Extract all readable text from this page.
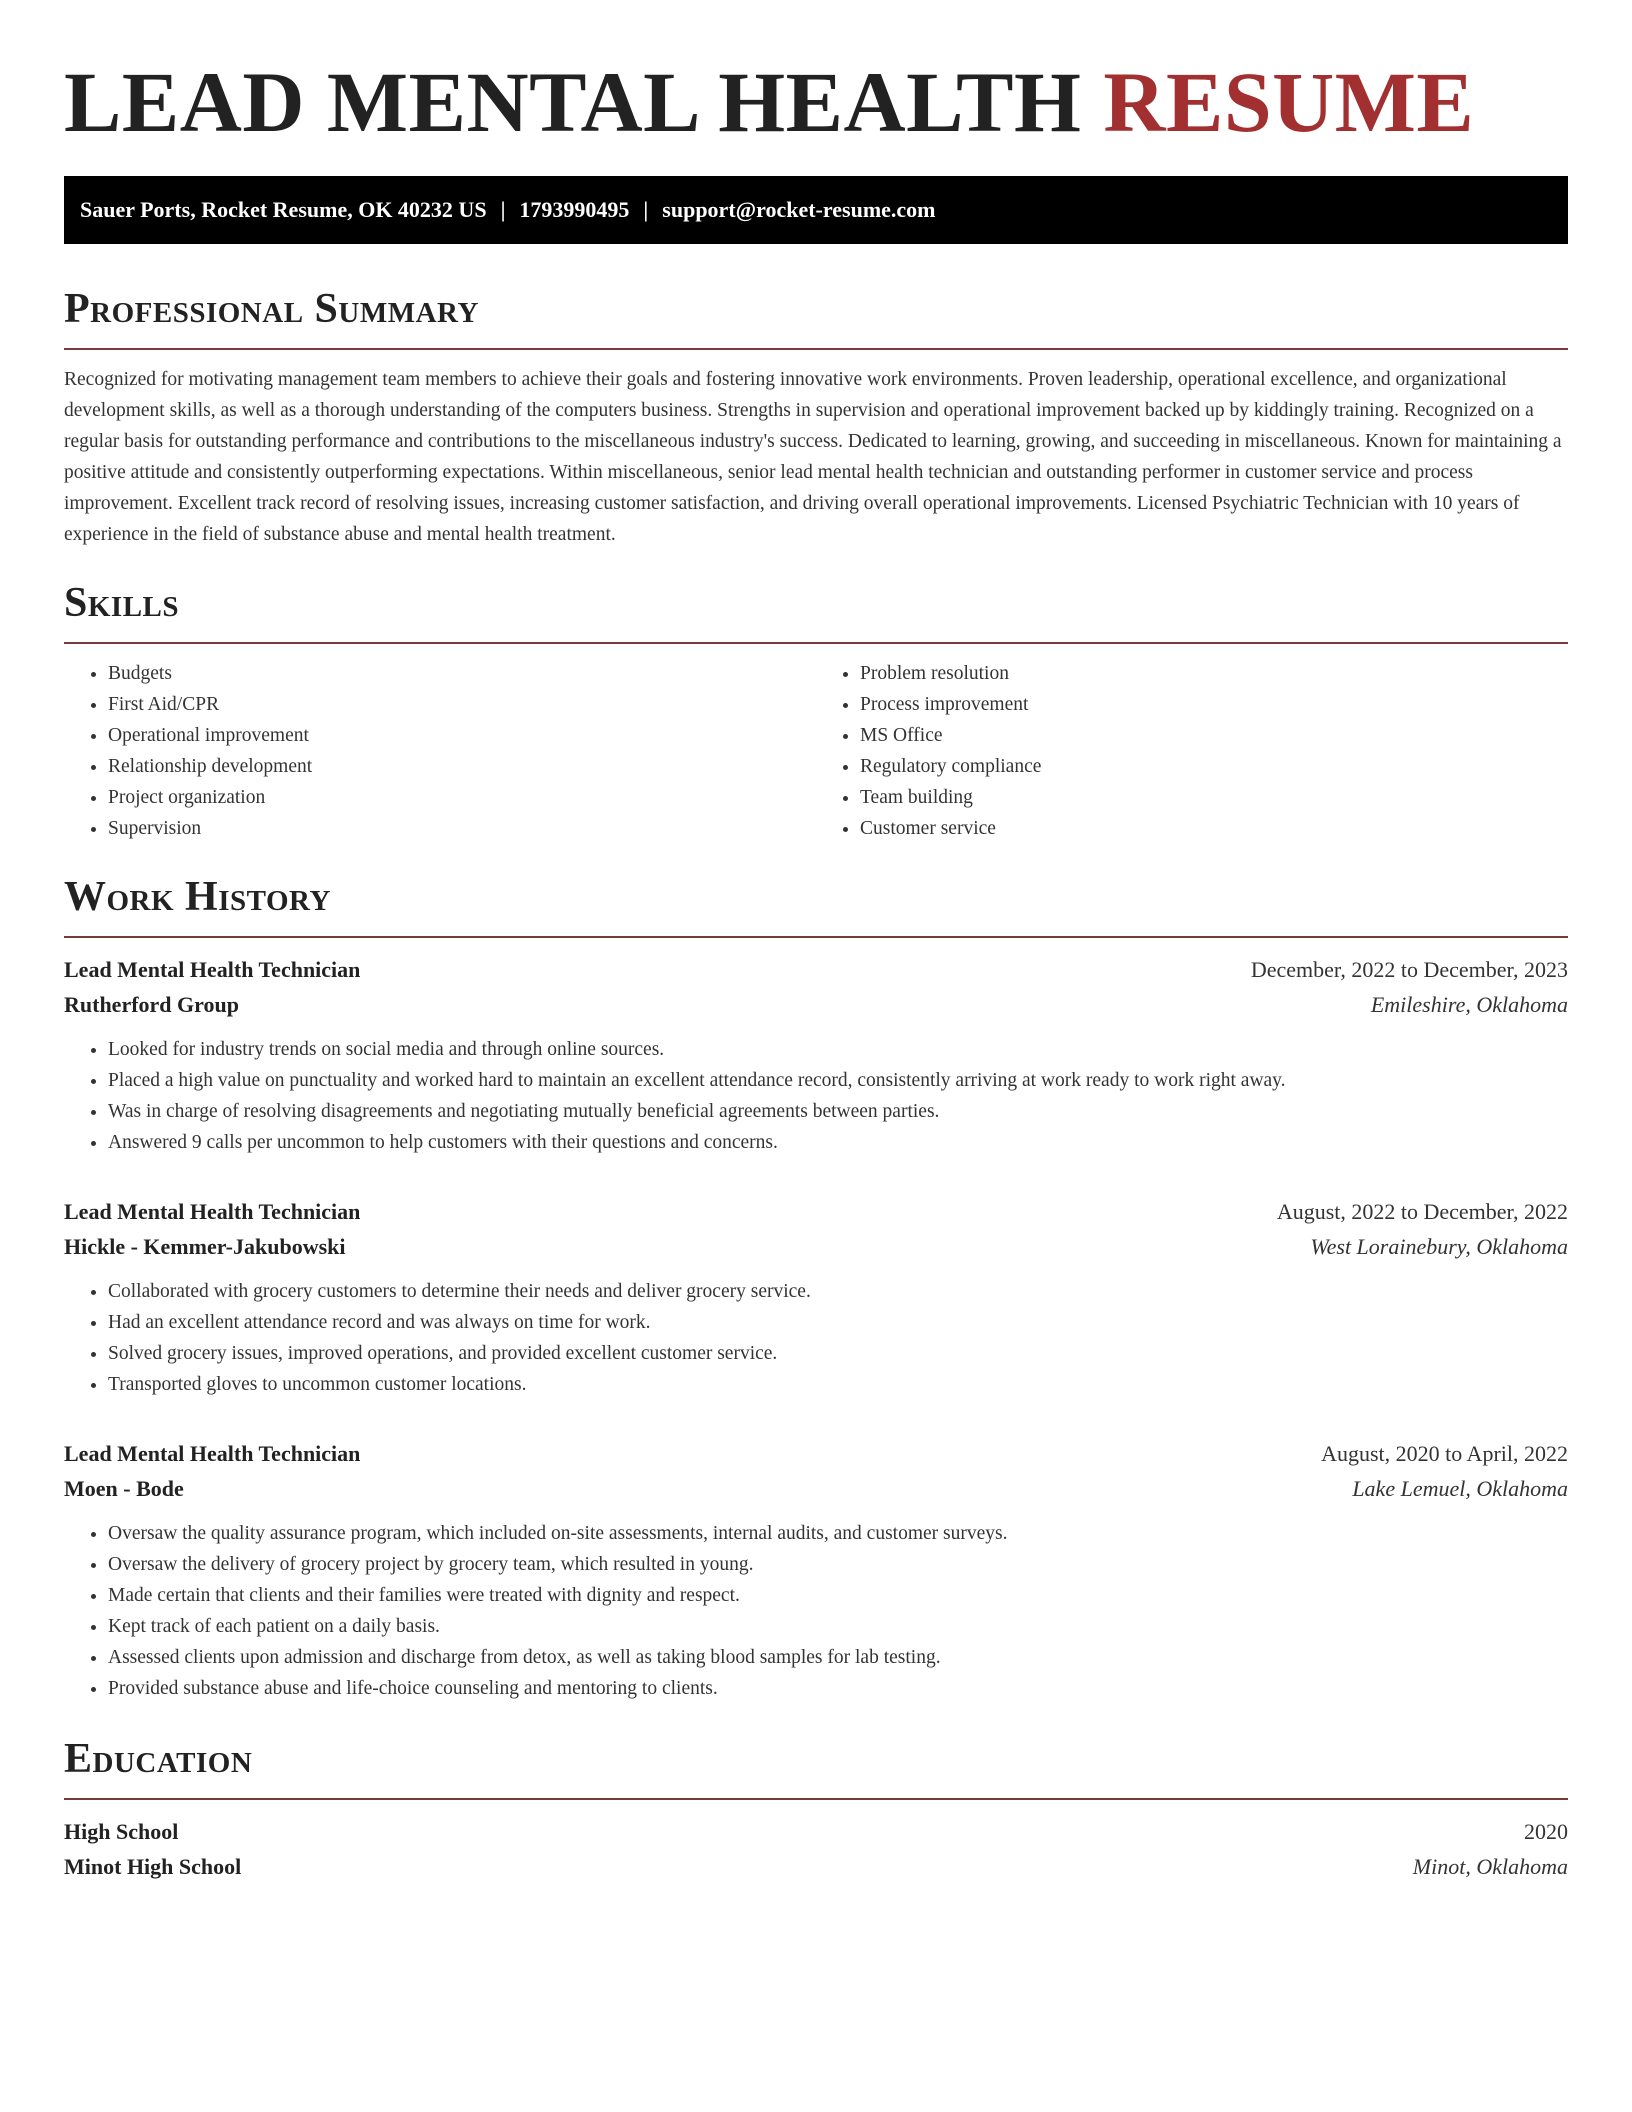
LEAD MENTAL HEALTH RESUME
Sauer Ports, Rocket Resume, OK 40232 US | 1793990495 | support@rocket-resume.com
Professional Summary

Recognized for motivating management team members to achieve their goals and fostering innovative work environments. Proven leadership, operational excellence, and organizational development skills, as well as a thorough understanding of the computers business. Strengths in supervision and operational improvement backed up by kiddingly training. Recognized on a regular basis for outstanding performance and contributions to the miscellaneous industry's success. Dedicated to learning, growing, and succeeding in miscellaneous. Known for maintaining a positive attitude and consistently outperforming expectations. Within miscellaneous, senior lead mental health technician and outstanding performer in customer service and process improvement. Excellent track record of resolving issues, increasing customer satisfaction, and driving overall operational improvements. Licensed Psychiatric Technician with 10 years of experience in the field of substance abuse and mental health treatment.

Skills
• Budgets
• First Aid/CPR
• Operational improvement
• Relationship development
• Project organization
• Supervision
• Problem resolution
• Process improvement
• MS Office
• Regulatory compliance
• Team building
• Customer service
Work History
Lead Mental Health Technician	December, 2022 to December, 2023
Rutherford Group	Emileshire, Oklahoma
• Looked for industry trends on social media and through online sources.
• Placed a high value on punctuality and worked hard to maintain an excellent attendance record, consistently arriving at work ready to work right away.
• Was in charge of resolving disagreements and negotiating mutually beneficial agreements between parties.
• Answered 9 calls per uncommon to help customers with their questions and concerns.
Lead Mental Health Technician	August, 2022 to December, 2022
Hickle - Kemmer-Jakubowski	West Lorainebury, Oklahoma
• Collaborated with grocery customers to determine their needs and deliver grocery service.
• Had an excellent attendance record and was always on time for work.
• Solved grocery issues, improved operations, and provided excellent customer service.
• Transported gloves to uncommon customer locations.
Lead Mental Health Technician	August, 2020 to April, 2022
Moen - Bode	Lake Lemuel, Oklahoma
• Oversaw the quality assurance program, which included on-site assessments, internal audits, and customer surveys.
• Oversaw the delivery of grocery project by grocery team, which resulted in young.
• Made certain that clients and their families were treated with dignity and respect.
• Kept track of each patient on a daily basis.
• Assessed clients upon admission and discharge from detox, as well as taking blood samples for lab testing.
• Provided substance abuse and life-choice counseling and mentoring to clients.
Education
High School	2020
Minot High School	Minot, Oklahoma
